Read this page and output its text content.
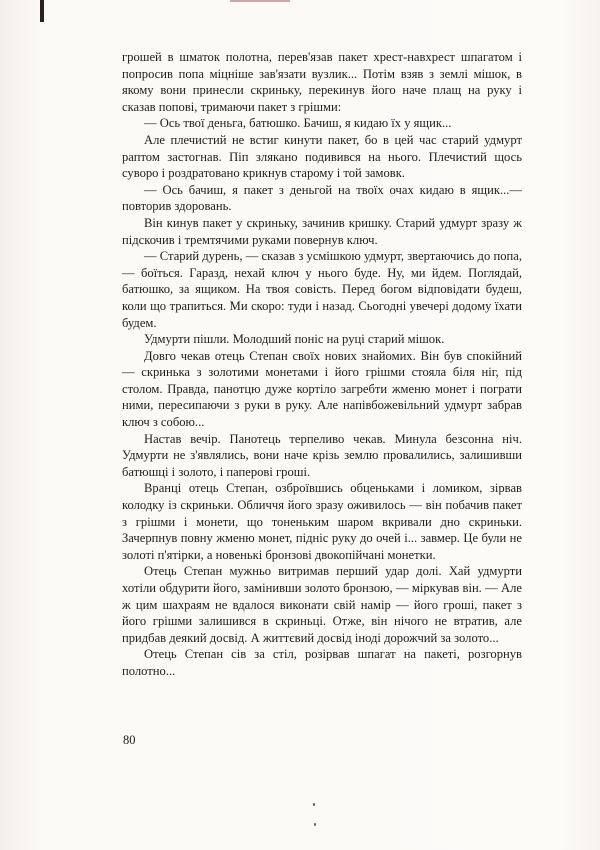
грошей в шматок полотна, перев'язав пакет хрест-навхрест шпагатом і попросив попа міцніше зав'язати вузлик... Потім взяв з землі мішок, в якому вони принесли скриньку, перекинув його наче плащ на руку і сказав попові, тримаючи пакет з грішми:

— Ось твої деньга, батюшко. Бачиш, я кидаю їх у ящик...

Але плечистий не встиг кинути пакет, бо в цей час старий удмурт раптом застогнав. Піп злякано подивився на нього. Плечистий щось суворо і роздратовано крикнув старому і той замовк.

— Ось бачиш, я пакет з деньгой на твоїх очах кидаю в ящик...— повторив здоровань.

Він кинув пакет у скриньку, зачинив кришку. Старий удмурт зразу ж підскочив і тремтячими руками повернув ключ.

— Старий дурень, — сказав з усмішкою удмурт, звертаючись до попа,— боїться. Гаразд, нехай ключ у нього буде. Ну, ми йдем. Поглядай, батюшко, за ящиком. На твоя совість. Перед богом відповідати будеш, коли що трапиться. Ми скоро: туди і назад. Сьогодні увечері додому їхати будем.

Удмурти пішли. Молодший поніс на руці старий мішок.

Довго чекав отець Степан своїх нових знайомих. Він був спокійний — скринька з золотими монетами і його грішми стояла біля ніг, під столом. Правда, панотцю дуже кортіло загребти жменю монет і пограти ними, пересипаючи з руки в руку. Але напівбожевільний удмурт забрав ключ з собою...

Настав вечір. Панотець терпеливо чекав. Минула безсонна ніч. Удмурти не з'являлись, вони наче крізь землю провалились, залишивши батюшці і золото, і паперові гроші.

Вранці отець Степан, озброївшись обценьками і ломиком, зірвав колодку із скриньки. Обличчя його зразу оживилось — він побачив пакет з грішми і монети, що тоненьким шаром вкривали дно скриньки. Зачерпнув повну жменю монет, підніс руку до очей і... завмер. Це були не золоті п'ятірки, а новенькі бронзові двокопійчані монетки.

Отець Степан мужньо витримав перший удар долі. Хай удмурти хотіли обдурити його, замінивши золото бронзою, — міркував він. — Але ж цим шахраям не вдалося виконати свій намір — його гроші, пакет з його грішми залишився в скриньці. Отже, він нічого не втратив, але придбав деякий досвід. А життєвий досвід іноді дорожчий за золото...

Отець Степан сів за стіл, розірвав шпагат на пакеті, розгорнув полотно...

80
